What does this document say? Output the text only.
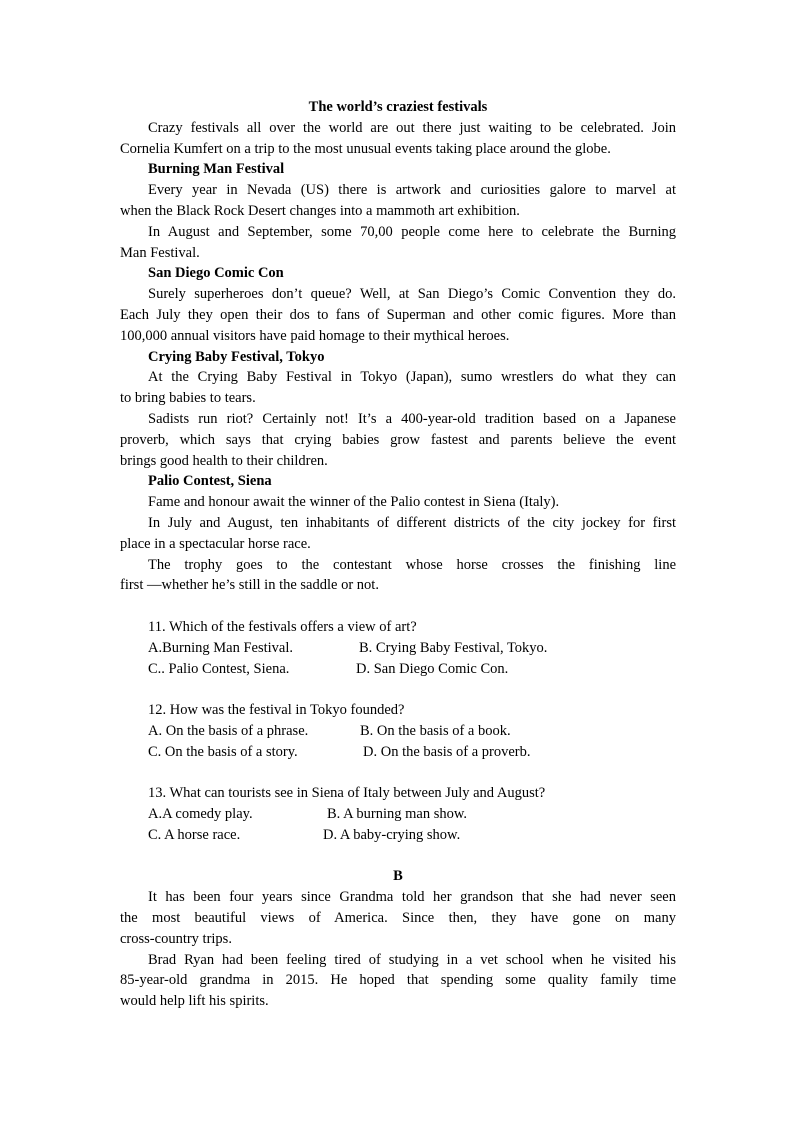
The world’s craziest festivals
Crazy festivals all over the world are out there just waiting to be celebrated. Join
Cornelia Kumfert on a trip to the most unusual events taking place around the globe.
Burning Man Festival
Every year in Nevada (US) there is artwork and curiosities galore to marvel at
when the Black Rock Desert changes into a mammoth art exhibition.
In August and September, some 70,00 people come here to celebrate the Burning
Man Festival.
San Diego Comic Con
Surely superheroes don’t queue? Well, at San Diego’s Comic Convention they do.
Each July they open their dos to fans of Superman and other comic figures. More than
100,000 annual visitors have paid homage to their mythical heroes.
Crying Baby Festival, Tokyo
At the Crying Baby Festival in Tokyo (Japan), sumo wrestlers do what they can
to bring babies to tears.
Sadists run riot? Certainly not! It’s a 400-year-old tradition based on a Japanese
proverb, which says that crying babies grow fastest and parents believe the event
brings good health to their children.
Palio Contest, Siena
Fame and honour await the winner of the Palio contest in Siena (Italy).
In July and August, ten inhabitants of different districts of the city jockey for first
place in a spectacular horse race.
The trophy goes to the contestant whose horse crosses the finishing line
first —whether he’s still in the saddle or not.
11. Which of the festivals offers a view of art?
A.Burning Man Festival.	B. Crying Baby Festival, Tokyo.
C.. Palio Contest, Siena.	D. San Diego Comic Con.
12. How was the festival in Tokyo founded?
A. On the basis of a phrase.	B. On the basis of a book.
C. On the basis of a story.	D. On the basis of a proverb.
13. What can tourists see in Siena of Italy between July and August?
A.A comedy play.	B. A burning man show.
C. A horse race.	D. A baby-crying show.
B
It has been four years since Grandma told her grandson that she had never seen
the most beautiful views of America. Since then, they have gone on many
cross-country trips.
Brad Ryan had been feeling tired of studying in a vet school when he visited his
85-year-old grandma in 2015. He hoped that spending some quality family time
would help lift his spirits.
